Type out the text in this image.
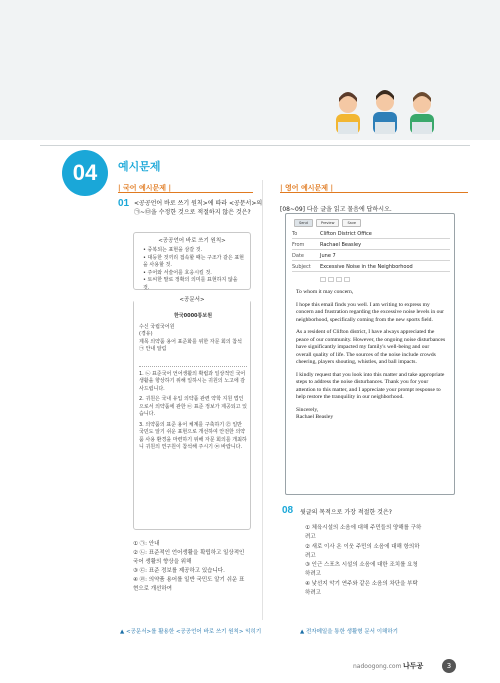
04	예시문제
| 국어 예시문제 |
01 <공공언어 바로 쓰기 원칙>에 따라 <공문서>의
㉠~㉤을 수정한 것으로 적절하지 않은 것은?
<공공언어 바로 쓰기 원칙>
• 중복되는 표현을 삼갈 것.
• 대등한 것끼리 접속할 때는 구조가 같은 표현
을 사용할 것.
• 주어와 서술어를 호응시킬 것.
• 토씨한 말로 정확의 의미를 표현하지 않을 것.
<공문서>
한국0000통보원
수신 국립국어원
(경유)
제목 의약품 용어 표준화를 위한 자문 회의 참석
㉠ 안내 알림
1. ㉡ 표준국어 언어생활의 확립과 일상적인 국어 생활을 향상하기 위해 일하시는 귀원의 노고에 감사드립니다.
2. 귀원은 국내 유입 의약품 관련 약학 지원 법인으로서 의약품에 관한 ㉢ 표준 정보가 제공되고 있습니다.
3. 의약품의 표준 용어 체계를 구축하기 ㉣ 일반 국민도 알기 쉬운 표현으로 개선하여 안전한 의약품 사용 환경을 마련하기 위해 자문 회의를 개최하니 귀원의 연구원이 참석해 주시기 ㉤ 바랍니다.
① ㉠: 안내
② ㉡: 표준적인 언어생활을 확립하고 일상적인
국어 생활의 향상을 위해
③ ㉢: 표준 정보를 제공하고 있습니다.
④ ㉣: 의약품 용어를 일반 국민도 알기 쉬운 표
현으로 개선하여
▲ <공문서>를 활용한 <공공언어 바로 쓰기 원칙> 익히기
| 영어 예시문제 |
[08~09] 다음 글을 읽고 물음에 답하시오.
Send	Preview	Save
To	Clifton District Office
From	Rachael Beasley
Date	June 7
Subject	Excessive Noise in the Neighborhood

To whom it may concern,

I hope this email finds you well. I am writing to express my concern and frustration regarding the excessive noise levels in our neighborhood, specifically coming from the new sports field.

As a resident of Clifton district, I have always appreciated the peace of our community. However, the ongoing noise disturbances have significantly impacted my family's well-being and our overall quality of life. The sources of the noise include crowds cheering, players shouting, whistles, and ball impacts.

I kindly request that you look into this matter and take appropriate steps to address the noise disturbances. Thank you for your attention to this matter, and I appreciate your prompt response to help restore the tranquility in our neighborhood.

Sincerely,
Rachael Beasley

08 윗글의 목적으로 가장 적절한 것은?
① 체육시설의 소음에 대해 주민들의 양해를 구하
려고
② 새로 이사 온 이웃 주민의 소음에 대해 항의하
려고
③ 인근 스포츠 시설의 소음에 대한 조치를 요청
하려고
④ 낯선지 악기 연주와 같은 소음의 차단을 부탁
하려고
▲ 전자메일을 통한 생활형 문서 이해하기
nadoogong.com 나두공	3
